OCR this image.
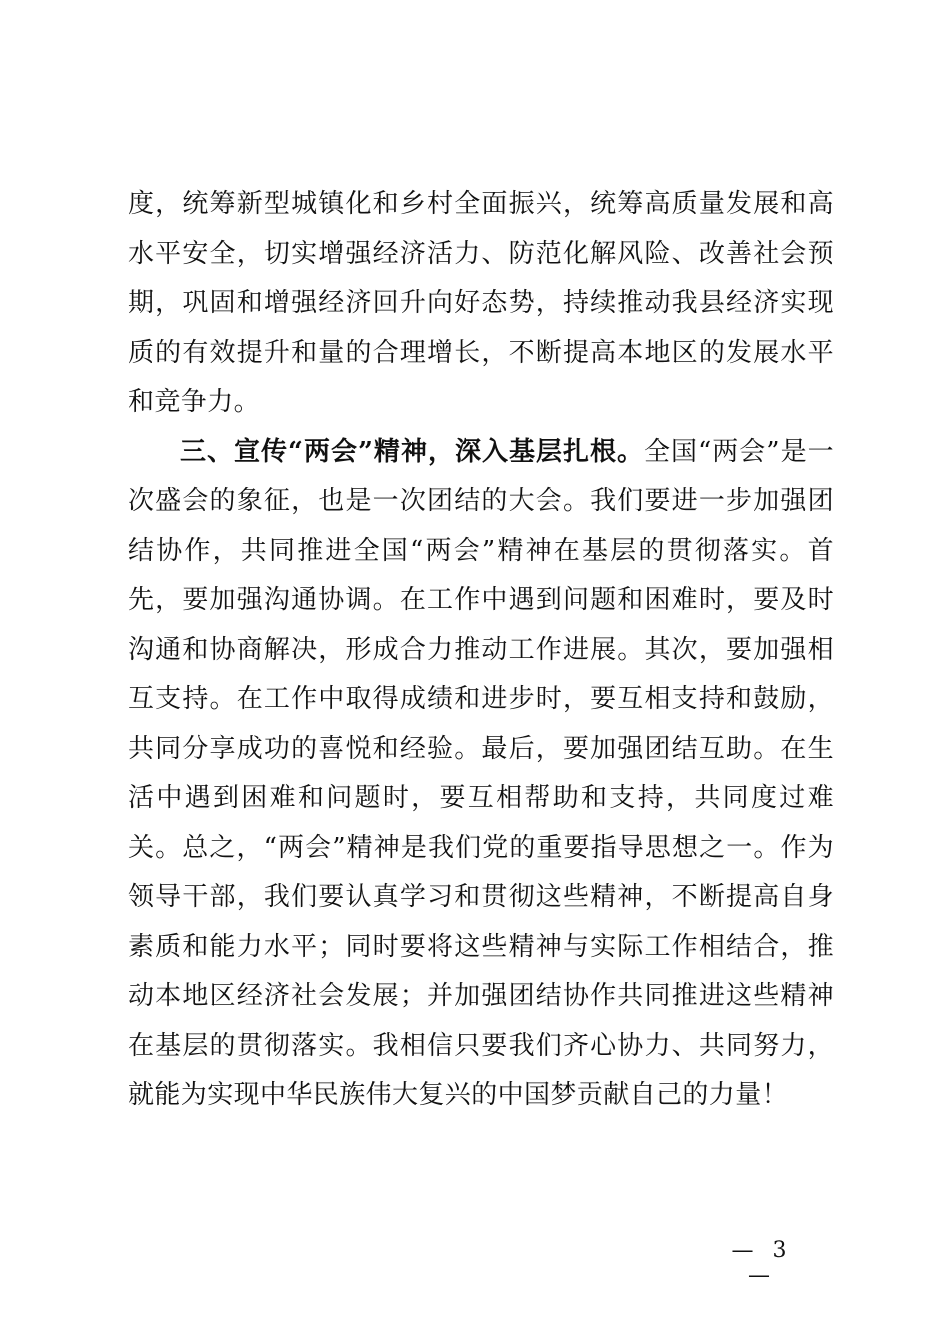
度，统筹新型城镇化和乡村全面振兴，统筹高质量发展和高水平安全，切实增强经济活力、防范化解风险、改善社会预期，巩固和增强经济回升向好态势，持续推动我县经济实现质的有效提升和量的合理增长，不断提高本地区的发展水平和竞争力。

三、宣传“两会”精神，深入基层扎根。全国“两会”是一次盛会的象征，也是一次团结的大会。我们要进一步加强团结协作，共同推进全国“两会”精神在基层的贯彻落实。首先，要加强沟通协调。在工作中遇到问题和困难时，要及时沟通和协商解决，形成合力推动工作进展。其次，要加强相互支持。在工作中取得成绩和进步时，要互相支持和鼓励，共同分享成功的喜悦和经验。最后，要加强团结互助。在生活中遇到困难和问题时，要互相帮助和支持，共同度过难关。总之，“两会”精神是我们党的重要指导思想之一。作为领导干部，我们要认真学习和贯彻这些精神，不断提高自身素质和能力水平；同时要将这些精神与实际工作相结合，推动本地区经济社会发展；并加强团结协作共同推进这些精神在基层的贯彻落实。我相信只要我们齐心协力、共同努力，就能为实现中华民族伟大复兴的中国梦贡献自己的力量！

— 3 —
